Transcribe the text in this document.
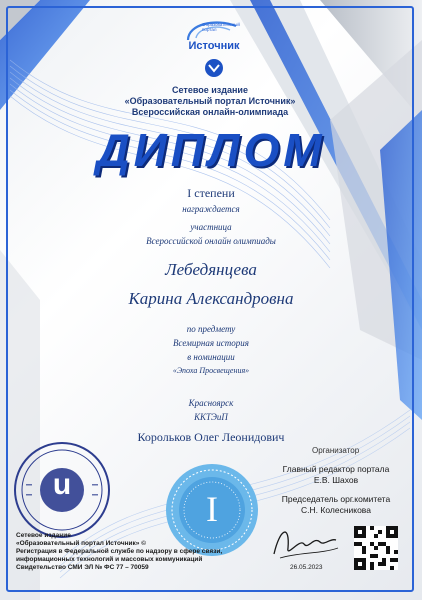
Образовательный портал
Источник
Сетевое издание
«Образовательный портал Источник»
Всероссийская онлайн-олимпиада
ДИПЛОМ
I степени
награждается
участница
Всероссийской онлайн олимпиады
Лебедянцева
Карина Александровна
по предмету
Всемирная история
в номинации
«Эпоха Просвещения»
Красноярск
ККТЭиП
Корольков Олег Леонидович
u
I
Организатор
Главный редактор портала
Е.В. Шахов
Председатель орг.комитета
С.Н. Колесникова
Сетевое издание
«Образовательный портал Источник» ©
Регистрация в Федеральной службе по надзору в сфере связи,
информационных технологий и массовых коммуникаций
Свидетельство СМИ ЭЛ № ФС 77 – 70059	26.05.2023
